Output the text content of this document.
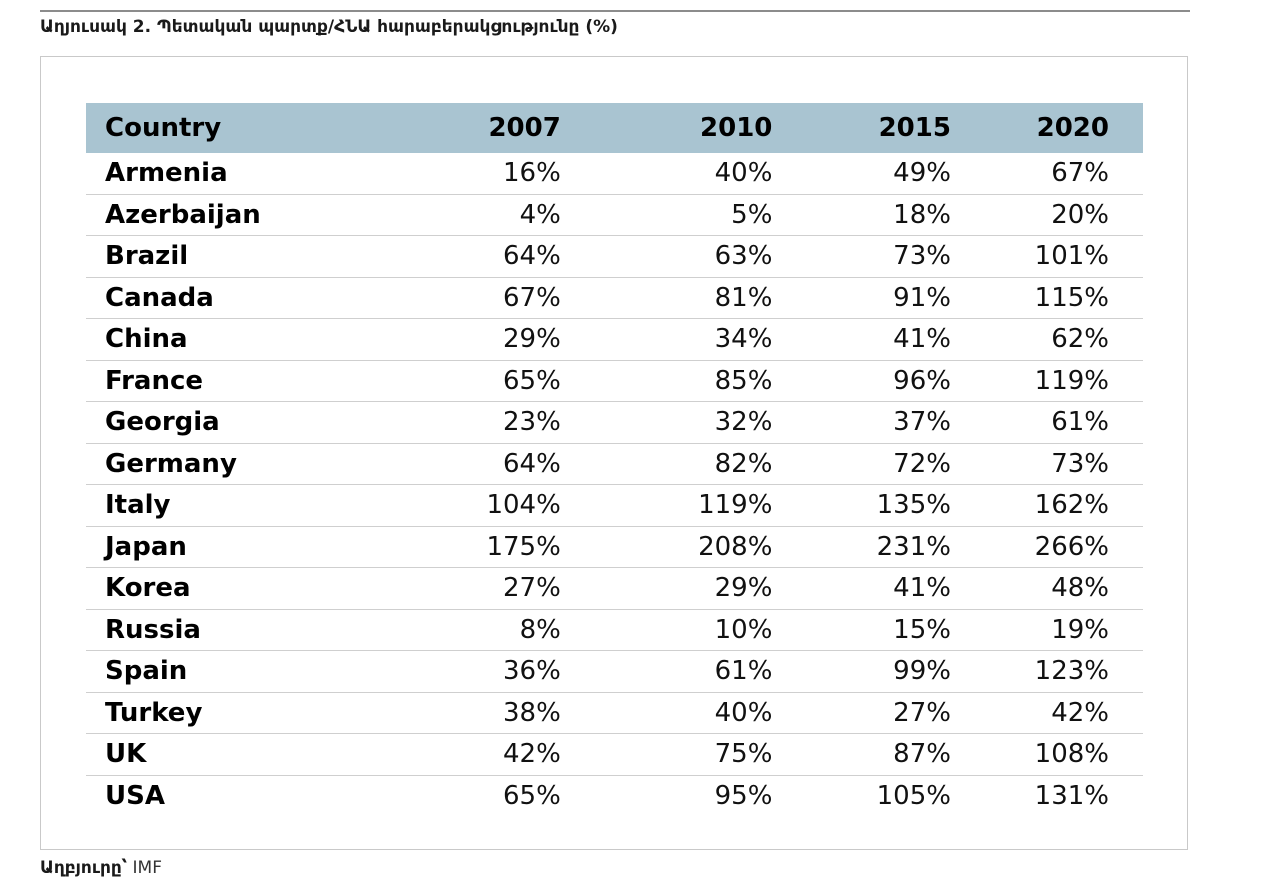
Աղյուսակ 2. Պետական պարտք/ՀՆԱ հարաբերակցությունը (%)
Country	2007	2010	2015	2020
Armenia	16%	40%	49%	67%
Azerbaijan	4%	5%	18%	20%
Brazil	64%	63%	73%	101%
Canada	67%	81%	91%	115%
China	29%	34%	41%	62%
France	65%	85%	96%	119%
Georgia	23%	32%	37%	61%
Germany	64%	82%	72%	73%
Italy	104%	119%	135%	162%
Japan	175%	208%	231%	266%
Korea	27%	29%	41%	48%
Russia	8%	10%	15%	19%
Spain	36%	61%	99%	123%
Turkey	38%	40%	27%	42%
UK	42%	75%	87%	108%
USA	65%	95%	105%	131%
Աղբյուրը՝ IMF
